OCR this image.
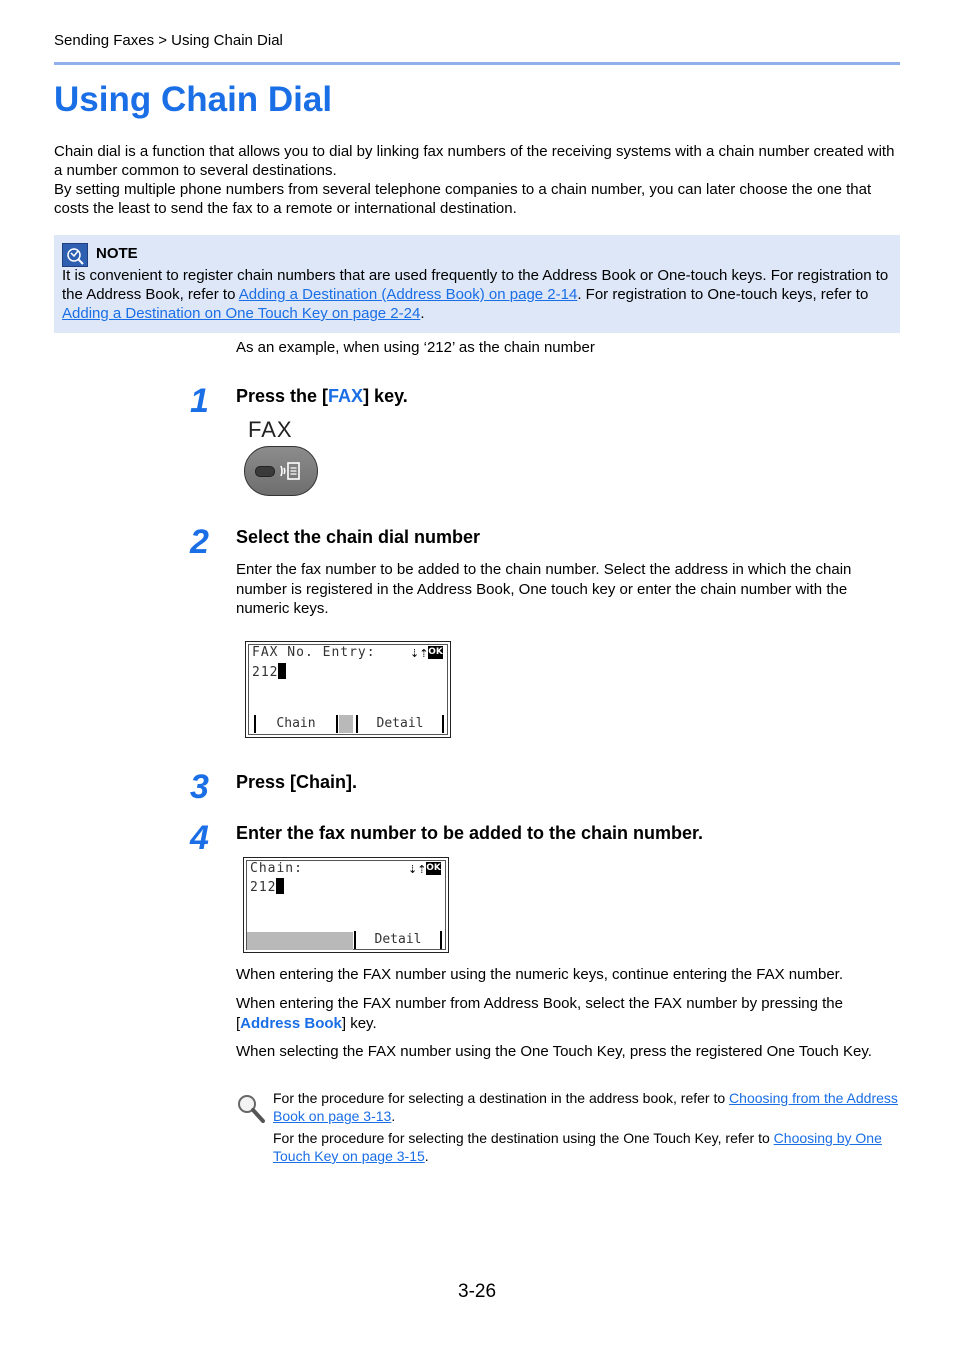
Sending Faxes > Using Chain Dial
Using Chain Dial

Chain dial is a function that allows you to dial by linking fax numbers of the receiving systems with a chain number created with a number common to several destinations.

By setting multiple phone numbers from several telephone companies to a chain number, you can later choose the one that costs the least to send the fax to a remote or international destination.

NOTE
It is convenient to register chain numbers that are used frequently to the Address Book or One-touch keys. For registration to the Address Book, refer to Adding a Destination (Address Book) on page 2-14. For registration to One-touch keys, refer to Adding a Destination on One Touch Key on page 2-24.
As an example, when using ‘212’ as the chain number
1 Press the [FAX] key.
FAX
2 Select the chain dial number
Enter the fax number to be added to the chain number. Select the address in which the chain number is registered in the Address Book, One touch key or enter the chain number with the numeric keys.
FAX No. Entry:	⇣⇡ OK
212
Chain	Detail
3 Press [Chain].
4 Enter the fax number to be added to the chain number.
Chain:	⇣⇡ OK
212
Detail
When entering the FAX number using the numeric keys, continue entering the FAX number.
When entering the FAX number from Address Book, select the FAX number by pressing the [Address Book] key.
When selecting the FAX number using the One Touch Key, press the registered One Touch Key.
For the procedure for selecting a destination in the address book, refer to Choosing from the Address Book on page 3-13.
For the procedure for selecting the destination using the One Touch Key, refer to Choosing by One Touch Key on page 3-15.
3-26
